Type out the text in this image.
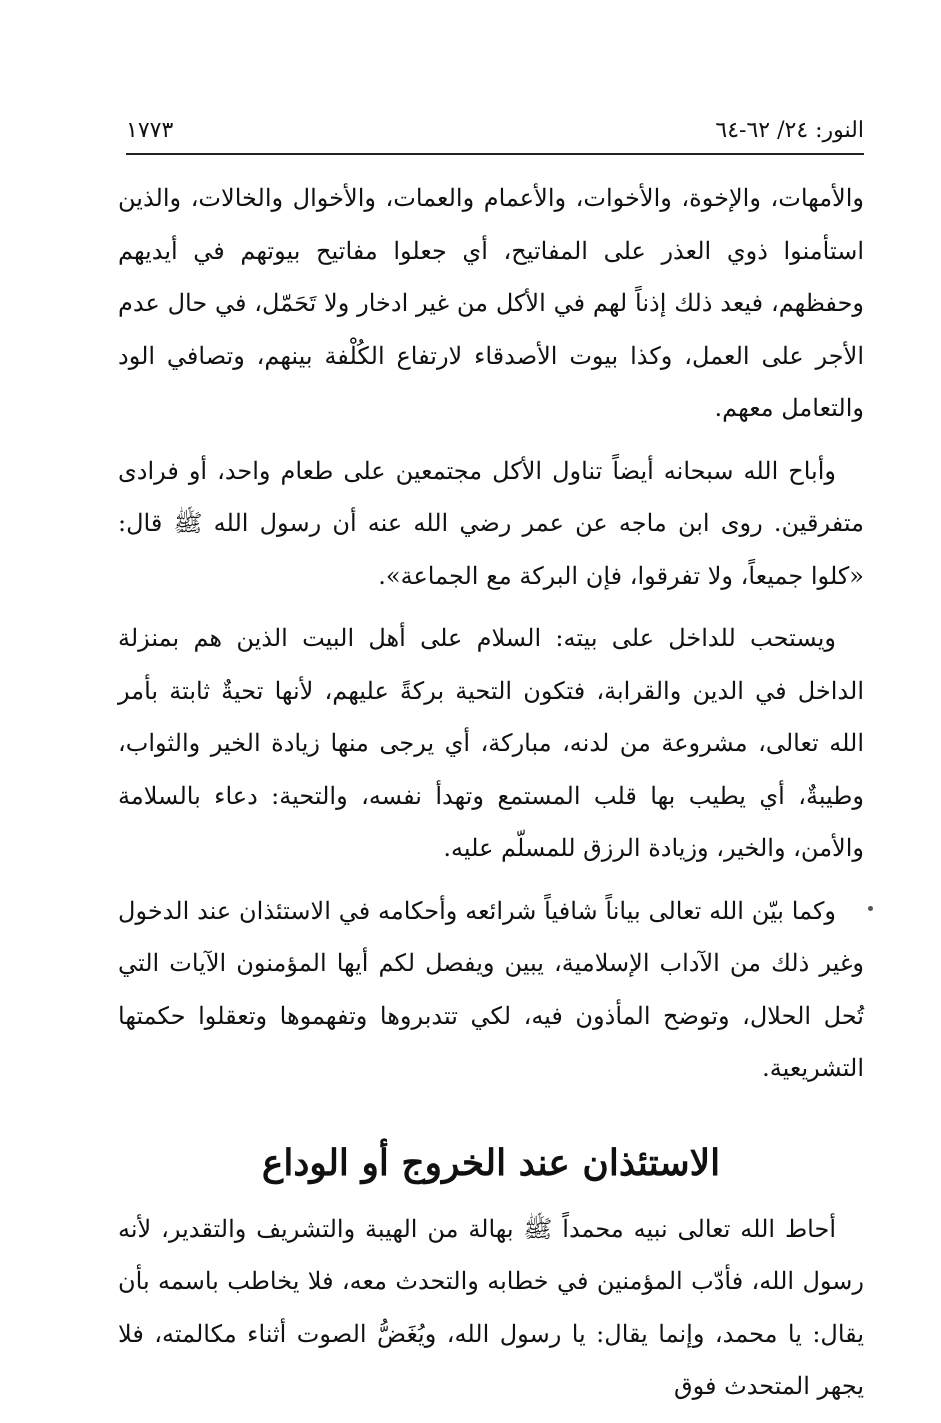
النور: ٢٤/ ٦٢-٦٤
١٧٧٣

والأمهات، والإخوة، والأخوات، والأعمام والعمات، والأخوال والخالات، والذين استأمنوا ذوي العذر على المفاتيح، أي جعلوا مفاتيح بيوتهم في أيديهم وحفظهم، فيعد ذلك إذناً لهم في الأكل من غير ادخار ولا تَحَمّل، في حال عدم الأجر على العمل، وكذا بيوت الأصدقاء لارتفاع الكُلْفة بينهم، وتصافي الود والتعامل معهم.

وأباح الله سبحانه أيضاً تناول الأكل مجتمعين على طعام واحد، أو فرادى متفرقين. روى ابن ماجه عن عمر رضي الله عنه أن رسول الله ﷺ قال: «كلوا جميعاً، ولا تفرقوا، فإن البركة مع الجماعة».

ويستحب للداخل على بيته: السلام على أهل البيت الذين هم بمنزلة الداخل في الدين والقرابة، فتكون التحية بركةً عليهم، لأنها تحيةٌ ثابتة بأمر الله تعالى، مشروعة من لدنه، مباركة، أي يرجى منها زيادة الخير والثواب، وطيبةٌ، أي يطيب بها قلب المستمع وتهدأ نفسه، والتحية: دعاء بالسلامة والأمن، والخير، وزيادة الرزق للمسلّم عليه.

وكما بيّن الله تعالى بياناً شافياً شرائعه وأحكامه في الاستئذان عند الدخول وغير ذلك من الآداب الإسلامية، يبين ويفصل لكم أيها المؤمنون الآيات التي تُحل الحلال، وتوضح المأذون فيه، لكي تتدبروها وتفهموها وتعقلوا حكمتها التشريعية.

الاستئذان عند الخروج أو الوداع

أحاط الله تعالى نبيه محمداً ﷺ بهالة من الهيبة والتشريف والتقدير، لأنه رسول الله، فأدّب المؤمنين في خطابه والتحدث معه، فلا يخاطب باسمه بأن يقال: يا محمد، وإنما يقال: يا رسول الله، ويُغَضُّ الصوت أثناء مكالمته، فلا يجهر المتحدث فوق
